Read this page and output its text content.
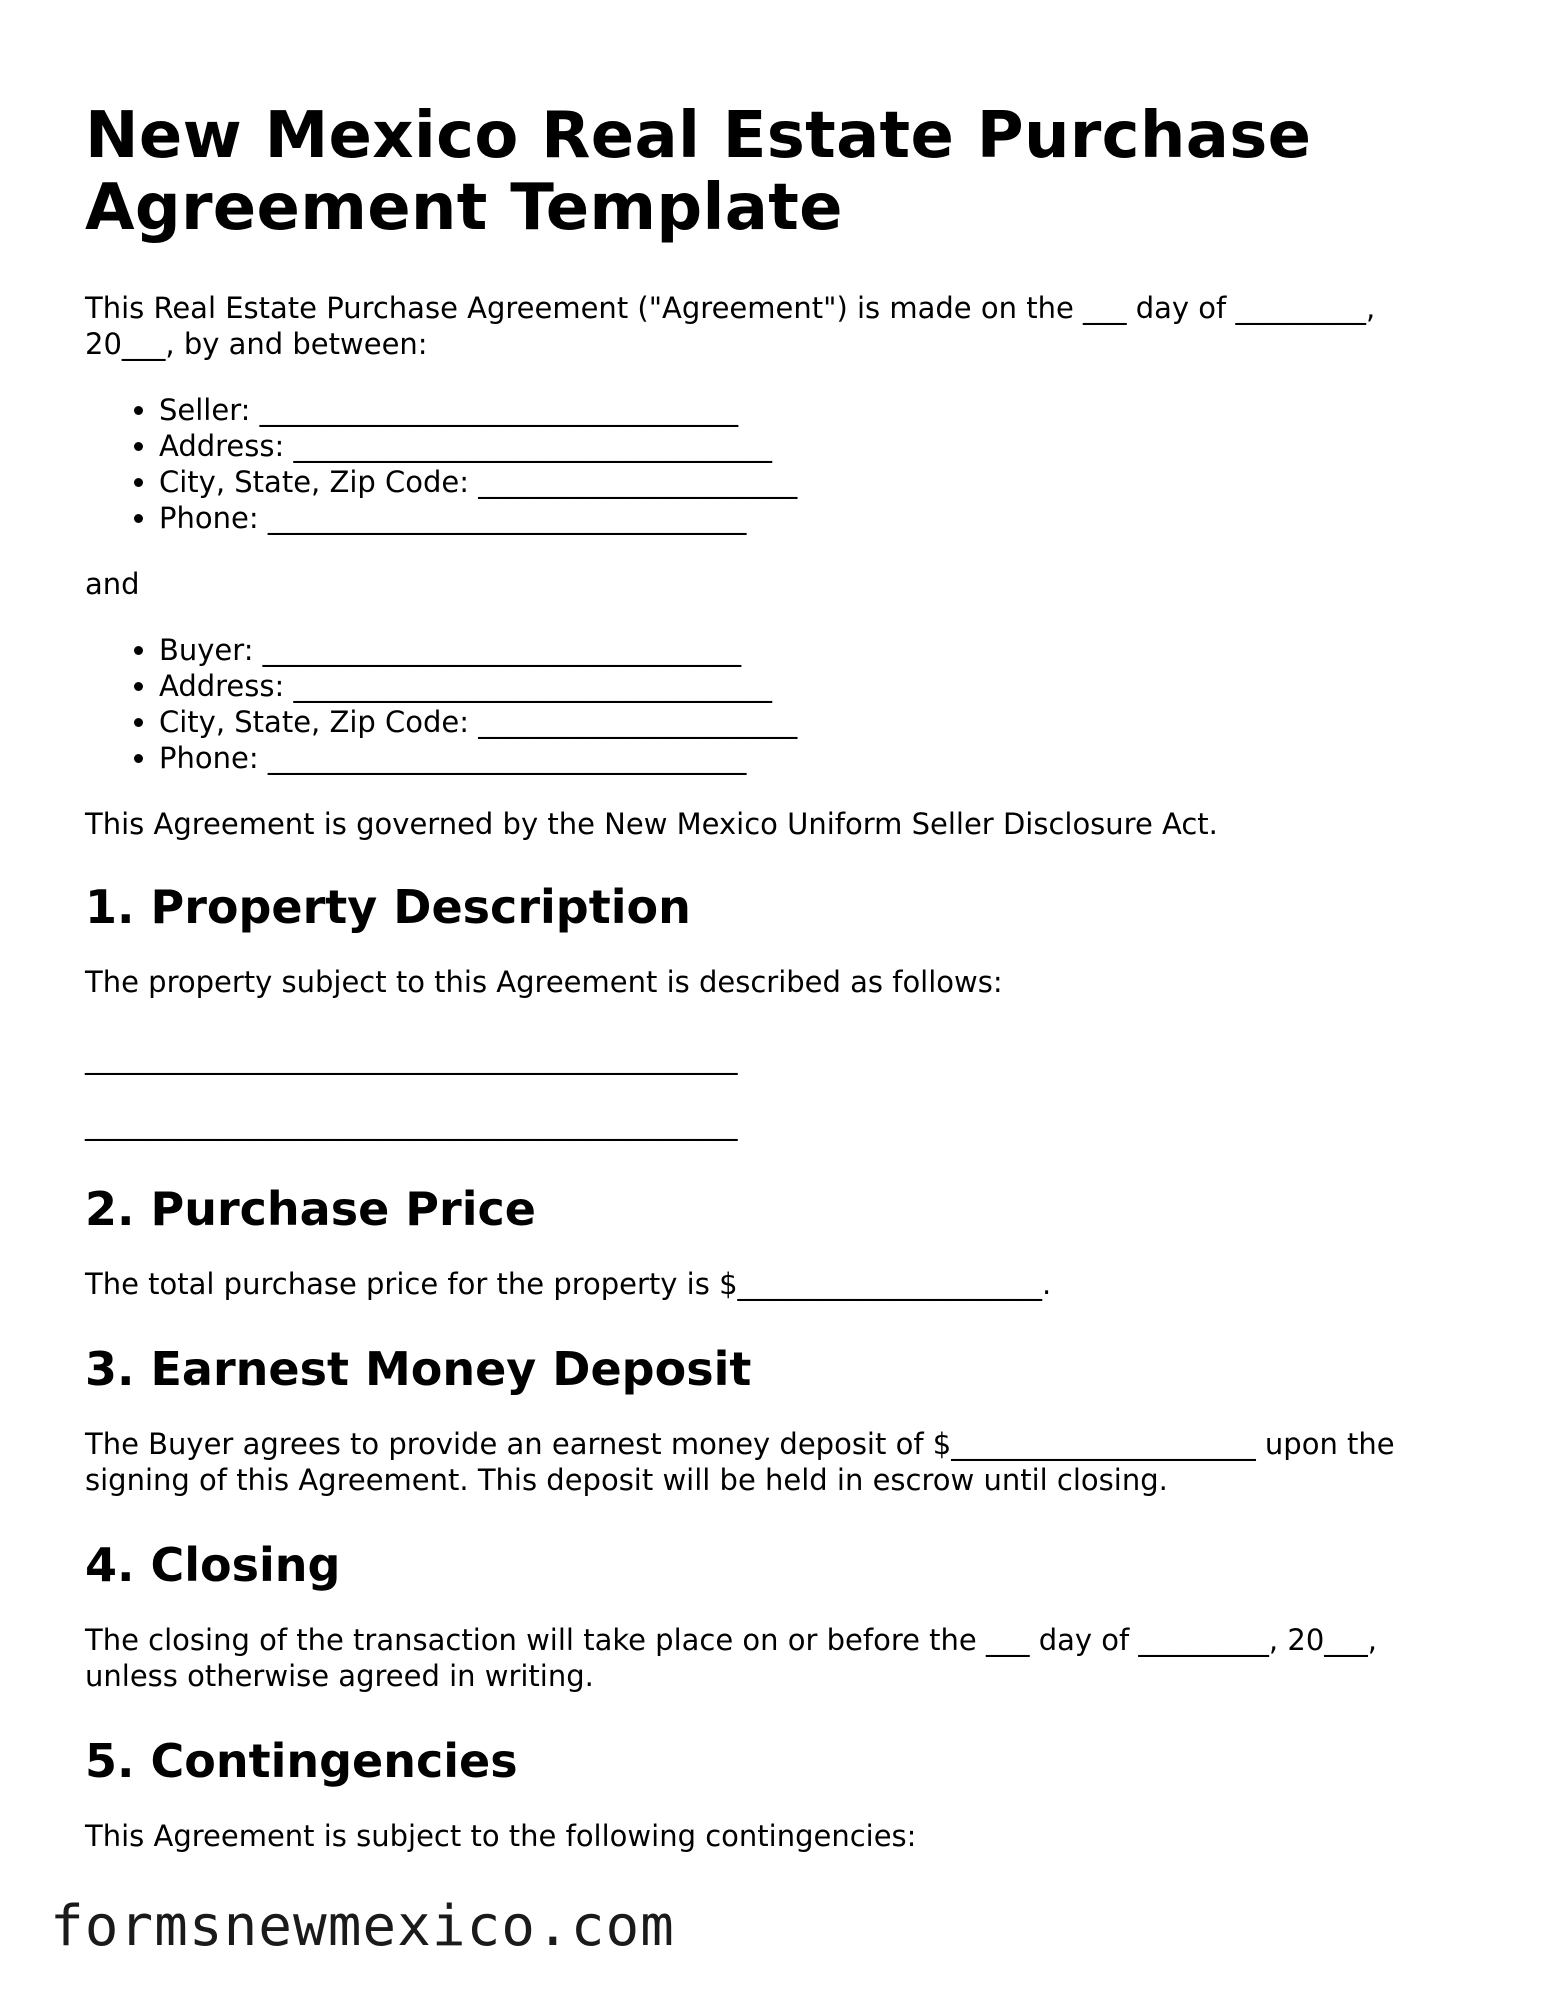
New Mexico Real Estate Purchase Agreement Template

This Real Estate Purchase Agreement ("Agreement") is made on the ___ day of _________, 20___, by and between:

• Seller: _________________________________
• Address: _________________________________
• City, State, Zip Code: ______________________
• Phone: _________________________________

and

• Buyer: _________________________________
• Address: _________________________________
• City, State, Zip Code: ______________________
• Phone: _________________________________

This Agreement is governed by the New Mexico Uniform Seller Disclosure Act.

1. Property Description

The property subject to this Agreement is described as follows:

_____________________________________________

_____________________________________________

2. Purchase Price

The total purchase price for the property is $_____________________.

3. Earnest Money Deposit

The Buyer agrees to provide an earnest money deposit of $_____________________ upon the signing of this Agreement. This deposit will be held in escrow until closing.

4. Closing

The closing of the transaction will take place on or before the ___ day of _________, 20___, unless otherwise agreed in writing.

5. Contingencies

This Agreement is subject to the following contingencies:

formsnewmexico.com
